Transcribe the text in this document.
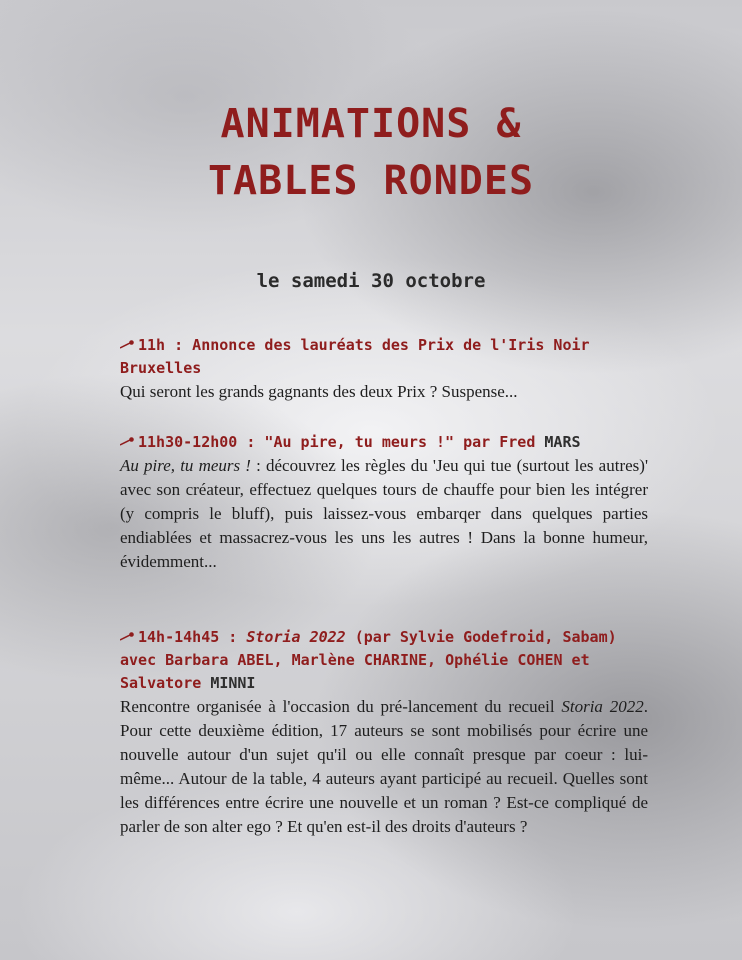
ANIMATIONS &
TABLES RONDES
le samedi 30 octobre
11h : Annonce des lauréats des Prix de l'Iris Noir Bruxelles
Qui seront les grands gagnants des deux Prix ? Suspense...
11h30-12h00 : "Au pire, tu meurs !" par Fred MARS
Au pire, tu meurs ! : découvrez les règles du 'Jeu qui tue (surtout les autres)' avec son créateur, effectuez quelques tours de chauffe pour bien les intégrer (y compris le bluff), puis laissez-vous embarqer dans quelques parties endiablées et massacrez-vous les uns les autres ! Dans la bonne humeur, évidemment...
14h-14h45 : Storia 2022 (par Sylvie Godefroid, Sabam) avec Barbara ABEL, Marlène CHARINE, Ophélie COHEN et Salvatore MINNI
Rencontre organisée à l'occasion du pré-lancement du recueil Storia 2022. Pour cette deuxième édition, 17 auteurs se sont mobilisés pour écrire une nouvelle autour d'un sujet qu'il ou elle connaît presque par coeur : lui-même... Autour de la table, 4 auteurs ayant participé au recueil. Quelles sont les différences entre écrire une nouvelle et un roman ? Est-ce compliqué de parler de son alter ego ? Et qu'en est-il des droits d'auteurs ?
